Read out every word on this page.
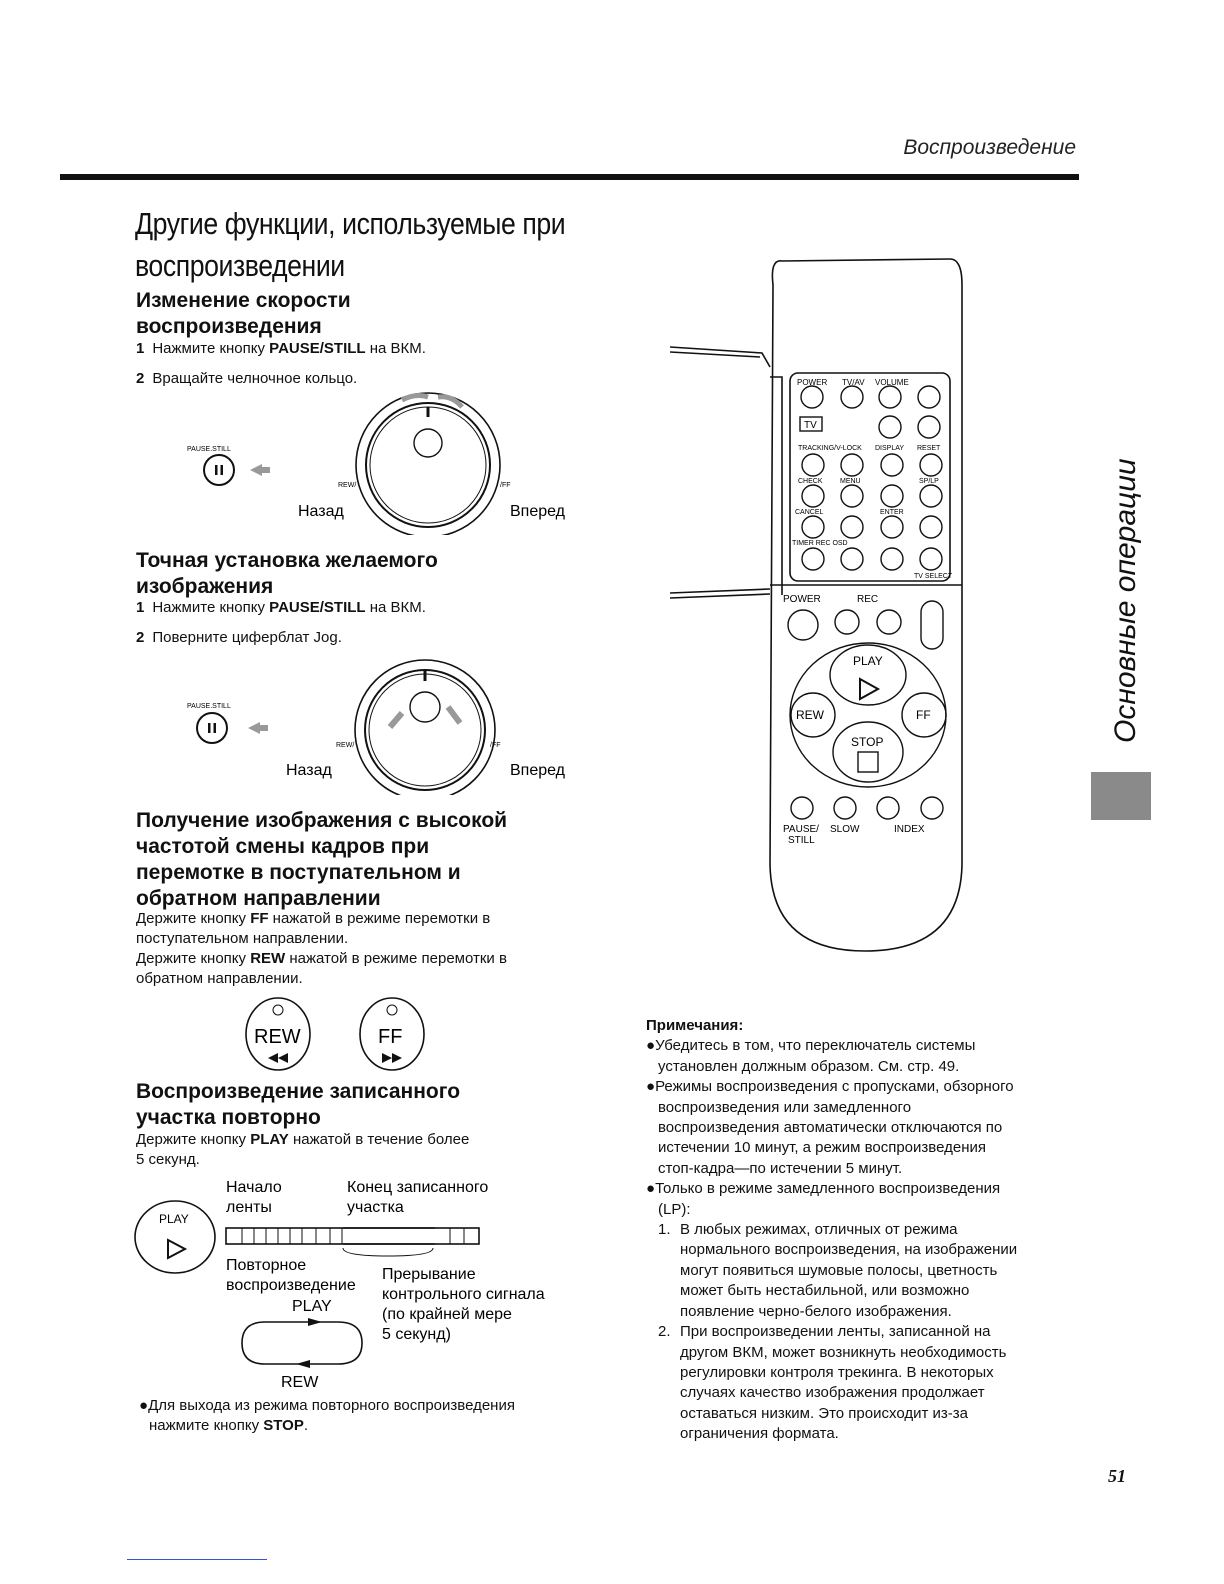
Воспроизведение
Другие функции, используемые при
воспроизведении
Изменение скорости
воспроизведения
1 Нажмите кнопку PAUSE/STILL на ВКМ.
2 Вращайте челночное кольцо.
PAUSE.STILL
REW/	/FF
Назад	Вперед
Точная установка желаемого
изображения
1 Нажмите кнопку PAUSE/STILL на ВКМ.
2 Поверните циферблат Jog.
PAUSE.STILL
REW/	/FF
Назад	Вперед
Получение изображения с высокой
частотой смены кадров при
перемотке в поступательном и
обратном направлении
Держите кнопку FF нажатой в режиме перемотки в
поступательном направлении.
Держите кнопку REW нажатой в режиме перемотки в
обратном направлении.
REW	FF
Воспроизведение записанного
участка повторно
Держите кнопку PLAY нажатой в течение более
5 секунд.
PLAY
Начало
ленты
Конец записанного
участка
Повторное
воспроизведение
PLAY
REW
Прерывание
контрольного сигнала
(по крайней мере
5 секунд)
●Для выхода из режима повторного воспроизведения
нажмите кнопку STOP.
POWER TV/AV VOLUME
TV
TRACKING/V-LOCK DISPLAY RESET
CHECK MENU	SP/LP
CANCEL	ENTER
TIMER REC OSD
TV SELECT
POWER	REC
PLAY
REW	FF
STOP
PAUSE/
STILL
SLOW	INDEX
Примечания:
●Убедитесь в том, что переключатель системы
установлен должным образом. См. стр. 49.
●Режимы воспроизведения с пропусками, обзорного
воспроизведения или замедленного
воспроизведения автоматически отключаются по
истечении 10 минут, а режим воспроизведения
стоп-кадра—по истечении 5 минут.
●Только в режиме замедленного воспроизведения
(LP):
1. В любых режимах, отличных от режима
нормального воспроизведения, на изображении
могут появиться шумовые полосы, цветность
может быть нестабильной, или возможно
появление черно-белого изображения.
2. При воспроизведении ленты, записанной на
другом ВКМ, может возникнуть необходимость
регулировки контроля трекинга. В некоторых
случаях качество изображения продолжает
оставаться низким. Это происходит из-за
ограничения формата.
Основные операции
51
